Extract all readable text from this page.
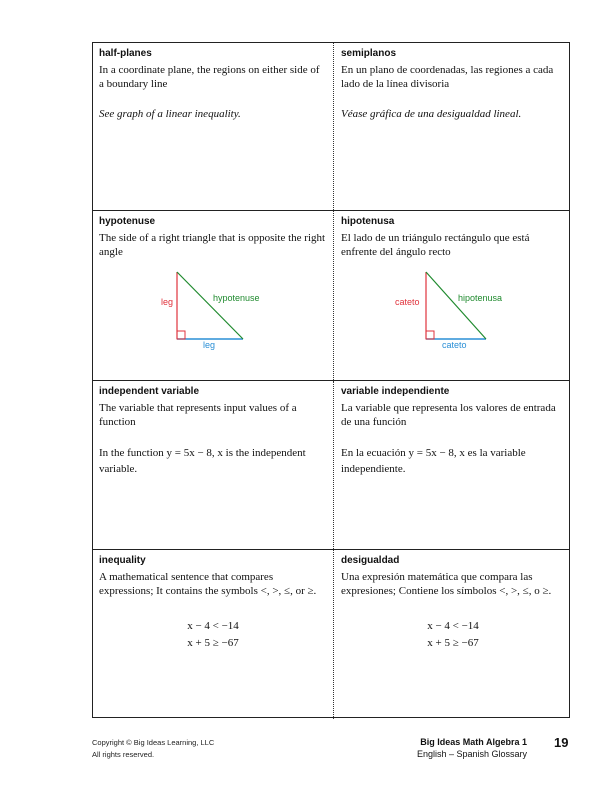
half-planes

In a coordinate plane, the regions on either side of a boundary line

See graph of a linear inequality.

semiplanos

En un plano de coordenadas, las regiones a cada lado de la línea divisoria

Véase gráfica de una desigualdad lineal.

hypotenuse

The side of a right triangle that is opposite the right angle

leg
leg
hypotenuse

hipotenusa

El lado de un triángulo rectángulo que está enfrente del ángulo recto

cateto
cateto
hipotenusa

independent variable

The variable that represents input values of a function

In the function y = 5x − 8, x is the independent variable.

variable independiente

La variable que representa los valores de entrada de una función

En la ecuación y = 5x − 8, x es la variable independiente.

inequality

A mathematical sentence that compares expressions; It contains the symbols <, >, ≤, or ≥.

x − 4 < −14
x + 5 ≥ −67

desigualdad

Una expresión matemática que compara las expresiones; Contiene los símbolos <, >, ≤, o ≥.

x − 4 < −14
x + 5 ≥ −67
Copyright © Big Ideas Learning, LLC
All rights reserved.
Big Ideas Math Algebra 1
English – Spanish Glossary
19
